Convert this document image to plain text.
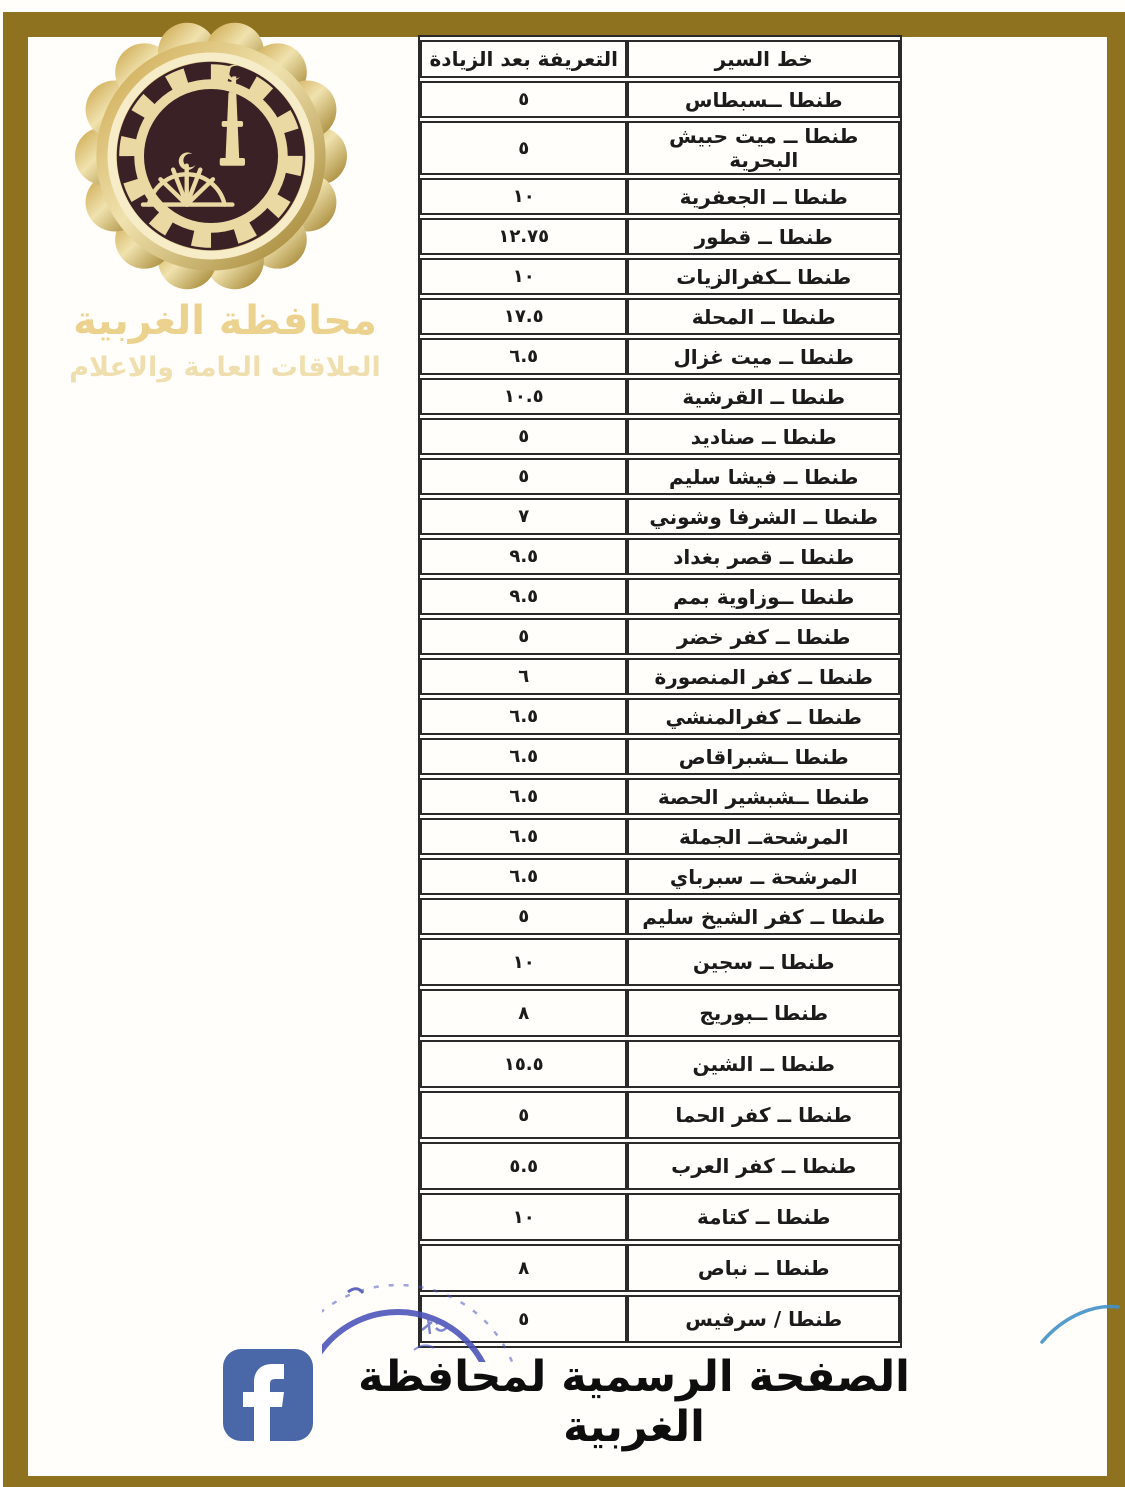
محافظة الغربية
العلاقات العامة والاعلام
خط السير	التعريفة بعد الزيادة
طنطا ــسبطاس	٥
طنطا ــ ميت حبيش البحرية	٥
طنطا ــ الجعفرية	١٠
طنطا ــ قطور	١٢.٧٥
طنطا ــكفرالزيات	١٠
طنطا ــ المحلة	١٧.٥
طنطا ــ ميت غزال	٦.٥
طنطا ــ القرشية	١٠.٥
طنطا ــ صناديد	٥
طنطا ــ فيشا سليم	٥
طنطا ــ الشرفا وشوني	٧
طنطا ــ قصر بغداد	٩.٥
طنطا ــوزاوية بمم	٩.٥
طنطا ــ كفر خضر	٥
طنطا ــ كفر المنصورة	٦
طنطا ــ كفرالمنشي	٦.٥
طنطا ــشبراقاص	٦.٥
طنطا ــشبشير الحصة	٦.٥
المرشحةــ الجملة	٦.٥
المرشحة ــ سبرباي	٦.٥
طنطا ــ كفر الشيخ سليم	٥
طنطا ــ سجين	١٠
طنطا ــبوريج	٨
طنطا ــ الشين	١٥.٥
طنطا ــ كفر الحما	٥
طنطا ــ كفر العرب	٥.٥
طنطا ــ كتامة	١٠
طنطا ــ نباص	٨
طنطا / سرفيس	٥
الصفحة الرسمية لمحافظة الغربية
